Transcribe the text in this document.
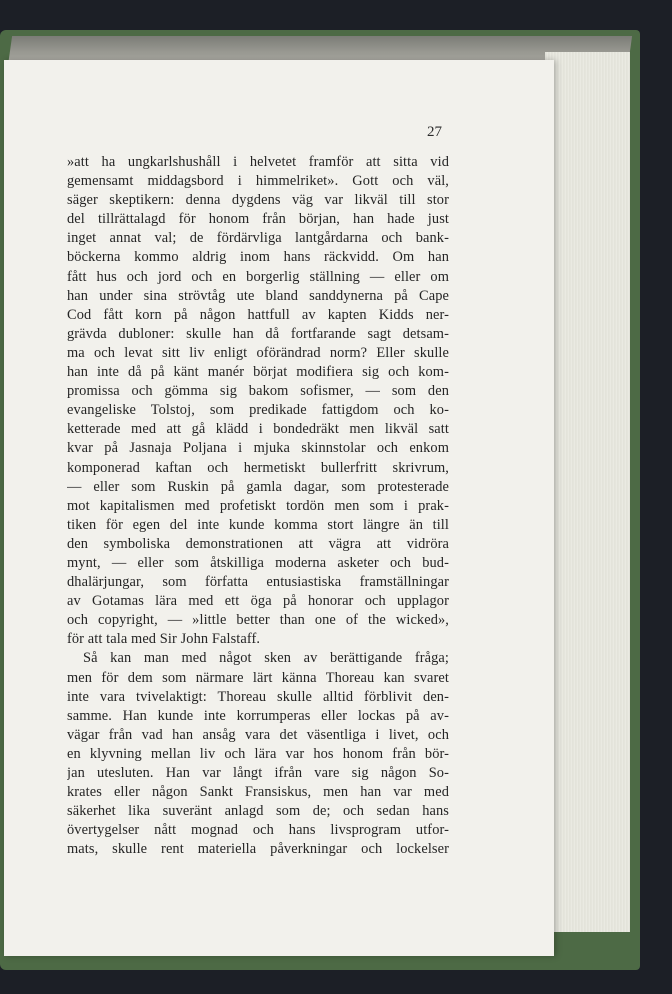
27
»att ha ungkarlshushåll i helvetet framför att sitta vid
gemensamt middagsbord i himmelriket». Gott och väl,
säger skeptikern: denna dygdens väg var likväl till stor
del tillrättalagd för honom från början, han hade just
inget annat val; de fördärvliga lantgårdarna och bank-
böckerna kommo aldrig inom hans räckvidd. Om han
fått hus och jord och en borgerlig ställning — eller om
han under sina strövtåg ute bland sanddynerna på Cape
Cod fått korn på någon hattfull av kapten Kidds ner-
grävda dubloner: skulle han då fortfarande sagt detsam-
ma och levat sitt liv enligt oförändrad norm? Eller skulle
han inte då på känt manér börjat modifiera sig och kom-
promissa och gömma sig bakom sofismer, — som den
evangeliske Tolstoj, som predikade fattigdom och ko-
ketterade med att gå klädd i bondedräkt men likväl satt
kvar på Jasnaja Poljana i mjuka skinnstolar och enkom
komponerad kaftan och hermetiskt bullerfritt skrivrum,
— eller som Ruskin på gamla dagar, som protesterade
mot kapitalismen med profetiskt tordön men som i prak-
tiken för egen del inte kunde komma stort längre än till
den symboliska demonstrationen att vägra att vidröra
mynt, — eller som åtskilliga moderna asketer och bud-
dhalärjungar, som författa entusiastiska framställningar
av Gotamas lära med ett öga på honorar och upplagor
och copyright, — »little better than one of the wicked»,
för att tala med Sir John Falstaff.
Så kan man med något sken av berättigande fråga;
men för dem som närmare lärt känna Thoreau kan svaret
inte vara tvivelaktigt: Thoreau skulle alltid förblivit den-
samme. Han kunde inte korrumperas eller lockas på av-
vägar från vad han ansåg vara det väsentliga i livet, och
en klyvning mellan liv och lära var hos honom från bör-
jan utesluten. Han var långt ifrån vare sig någon So-
krates eller någon Sankt Fransiskus, men han var med
säkerhet lika suveränt anlagd som de; och sedan hans
övertygelser nått mognad och hans livsprogram utfor-
mats, skulle rent materiella påverkningar och lockelser
